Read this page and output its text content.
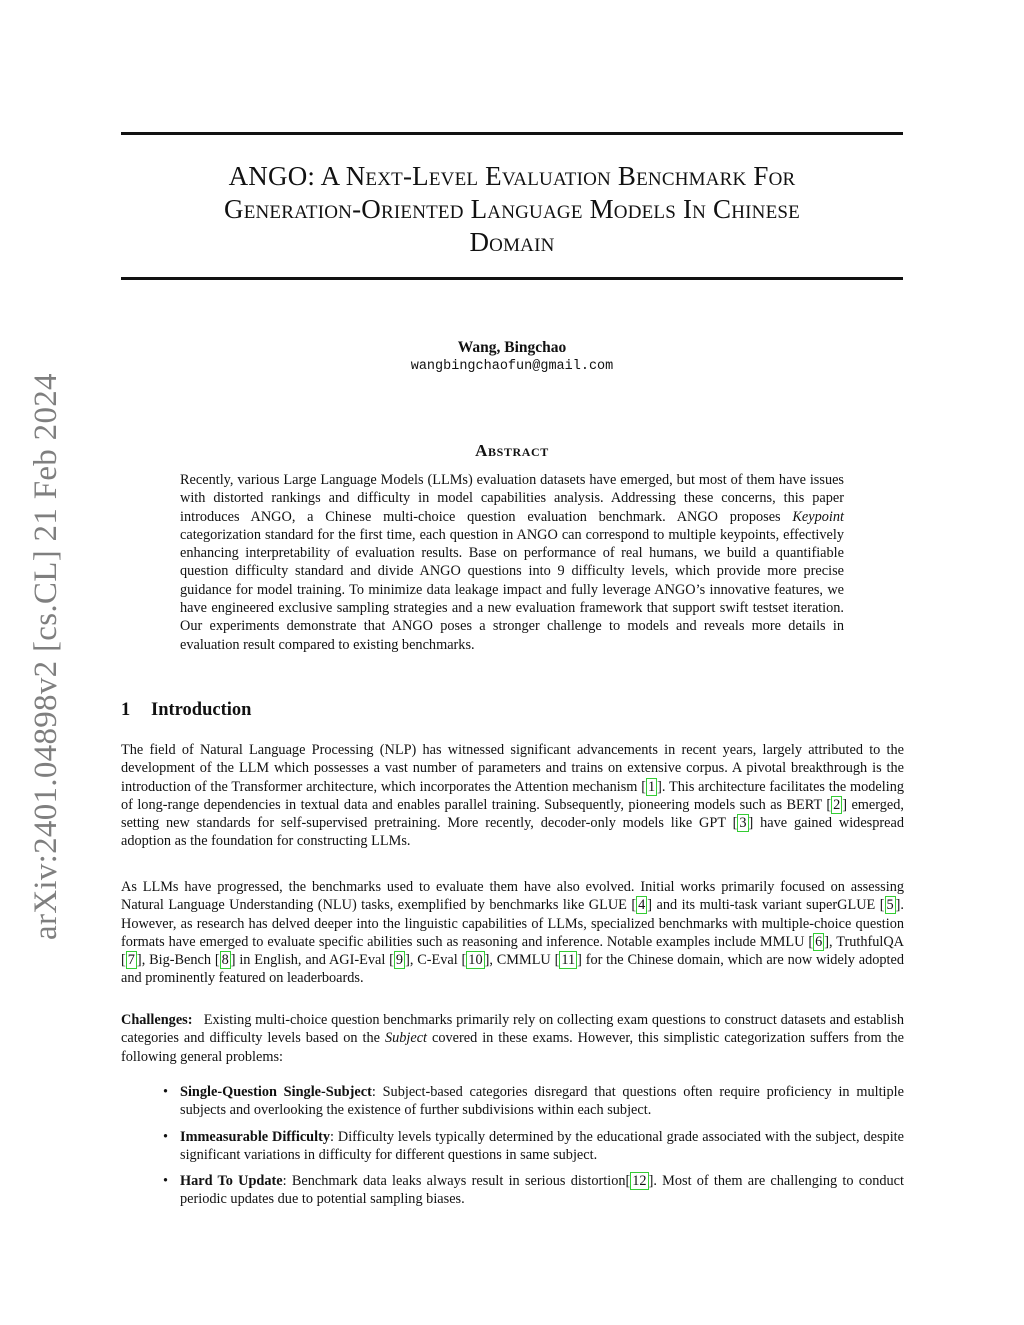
arXiv:2401.04898v2 [cs.CL] 21 Feb 2024
ANGO: A Next-Level Evaluation Benchmark For
Generation-Oriented Language Models In Chinese
Domain
Wang, Bingchao
wangbingchaofun@gmail.com
Abstract

Recently, various Large Language Models (LLMs) evaluation datasets have emerged, but most of them have issues with distorted rankings and difficulty in model capabilities analysis. Addressing these concerns, this paper introduces ANGO, a Chinese multi-choice question evaluation benchmark. ANGO proposes Keypoint categorization standard for the first time, each question in ANGO can correspond to multiple keypoints, effectively enhancing interpretability of evaluation results. Base on performance of real humans, we build a quantifiable question difficulty standard and divide ANGO questions into 9 difficulty levels, which provide more precise guidance for model training. To minimize data leakage impact and fully leverage ANGO’s innovative features, we have engineered exclusive sampling strategies and a new evaluation framework that support swift testset iteration. Our experiments demonstrate that ANGO poses a stronger challenge to models and reveals more details in evaluation result compared to existing benchmarks.

1 Introduction

The field of Natural Language Processing (NLP) has witnessed significant advancements in recent years, largely attributed to the development of the LLM which possesses a vast number of parameters and trains on extensive corpus. A pivotal breakthrough is the introduction of the Transformer architecture, which incorporates the Attention mechanism [ 1 ]. This architecture facilitates the modeling of long-range dependencies in textual data and enables parallel training. Subsequently, pioneering models such as BERT [ 2 ] emerged, setting new standards for self-supervised pretraining. More recently, decoder-only models like GPT [ 3 ] have gained widespread adoption as the foundation for constructing LLMs.

As LLMs have progressed, the benchmarks used to evaluate them have also evolved. Initial works primarily focused on assessing Natural Language Understanding (NLU) tasks, exemplified by benchmarks like GLUE [ 4 ] and its multi-task variant superGLUE [ 5 ]. However, as research has delved deeper into the linguistic capabilities of LLMs, specialized benchmarks with multiple-choice question formats have emerged to evaluate specific abilities such as reasoning and inference. Notable examples include MMLU [ 6 ], TruthfulQA [ 7 ], Big-Bench [ 8 ] in English, and AGI-Eval [ 9 ], C-Eval [ 10 ], CMMLU [ 11 ] for the Chinese domain, which are now widely adopted and prominently featured on leaderboards.

Challenges: Existing multi-choice question benchmarks primarily rely on collecting exam questions to construct datasets and establish categories and difficulty levels based on the Subject covered in these exams. However, this simplistic categorization suffers from the following general problems:

• Single-Question Single-Subject: Subject-based categories disregard that questions often require proficiency in multiple subjects and overlooking the existence of further subdivisions within each subject.
• Immeasurable Difficulty: Difficulty levels typically determined by the educational grade associated with the subject, despite significant variations in difficulty for different questions in same subject.
• Hard To Update: Benchmark data leaks always result in serious distortion[ 12 ]. Most of them are challenging to conduct periodic updates due to potential sampling biases.
